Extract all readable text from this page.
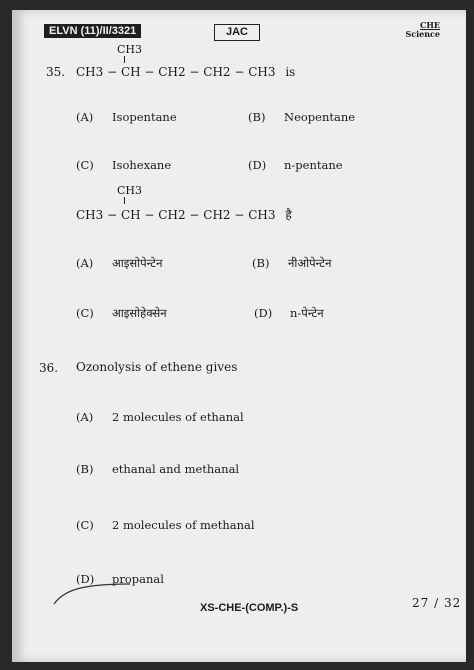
ELVN (11)/II/3321	JAC
CHE
Science
35.
CH3
CH3 − CH − CH2 − CH2 − CH3 is
(A) Isopentane	(B) Neopentane
(C) Isohexane	(D) n-pentane
CH3
CH3 − CH − CH2 − CH2 − CH3 है
(A) आइसोपेन्टेन	(B) नीओपेन्टेन
(C) आइसोहेक्सेन	(D) n-पेन्टेन
36. Ozonolysis of ethene gives
(A) 2 molecules of ethanal
(B) ethanal and methanal
(C) 2 molecules of methanal
(D) propanal
XS-CHE-(COMP.)-S	27 / 32
